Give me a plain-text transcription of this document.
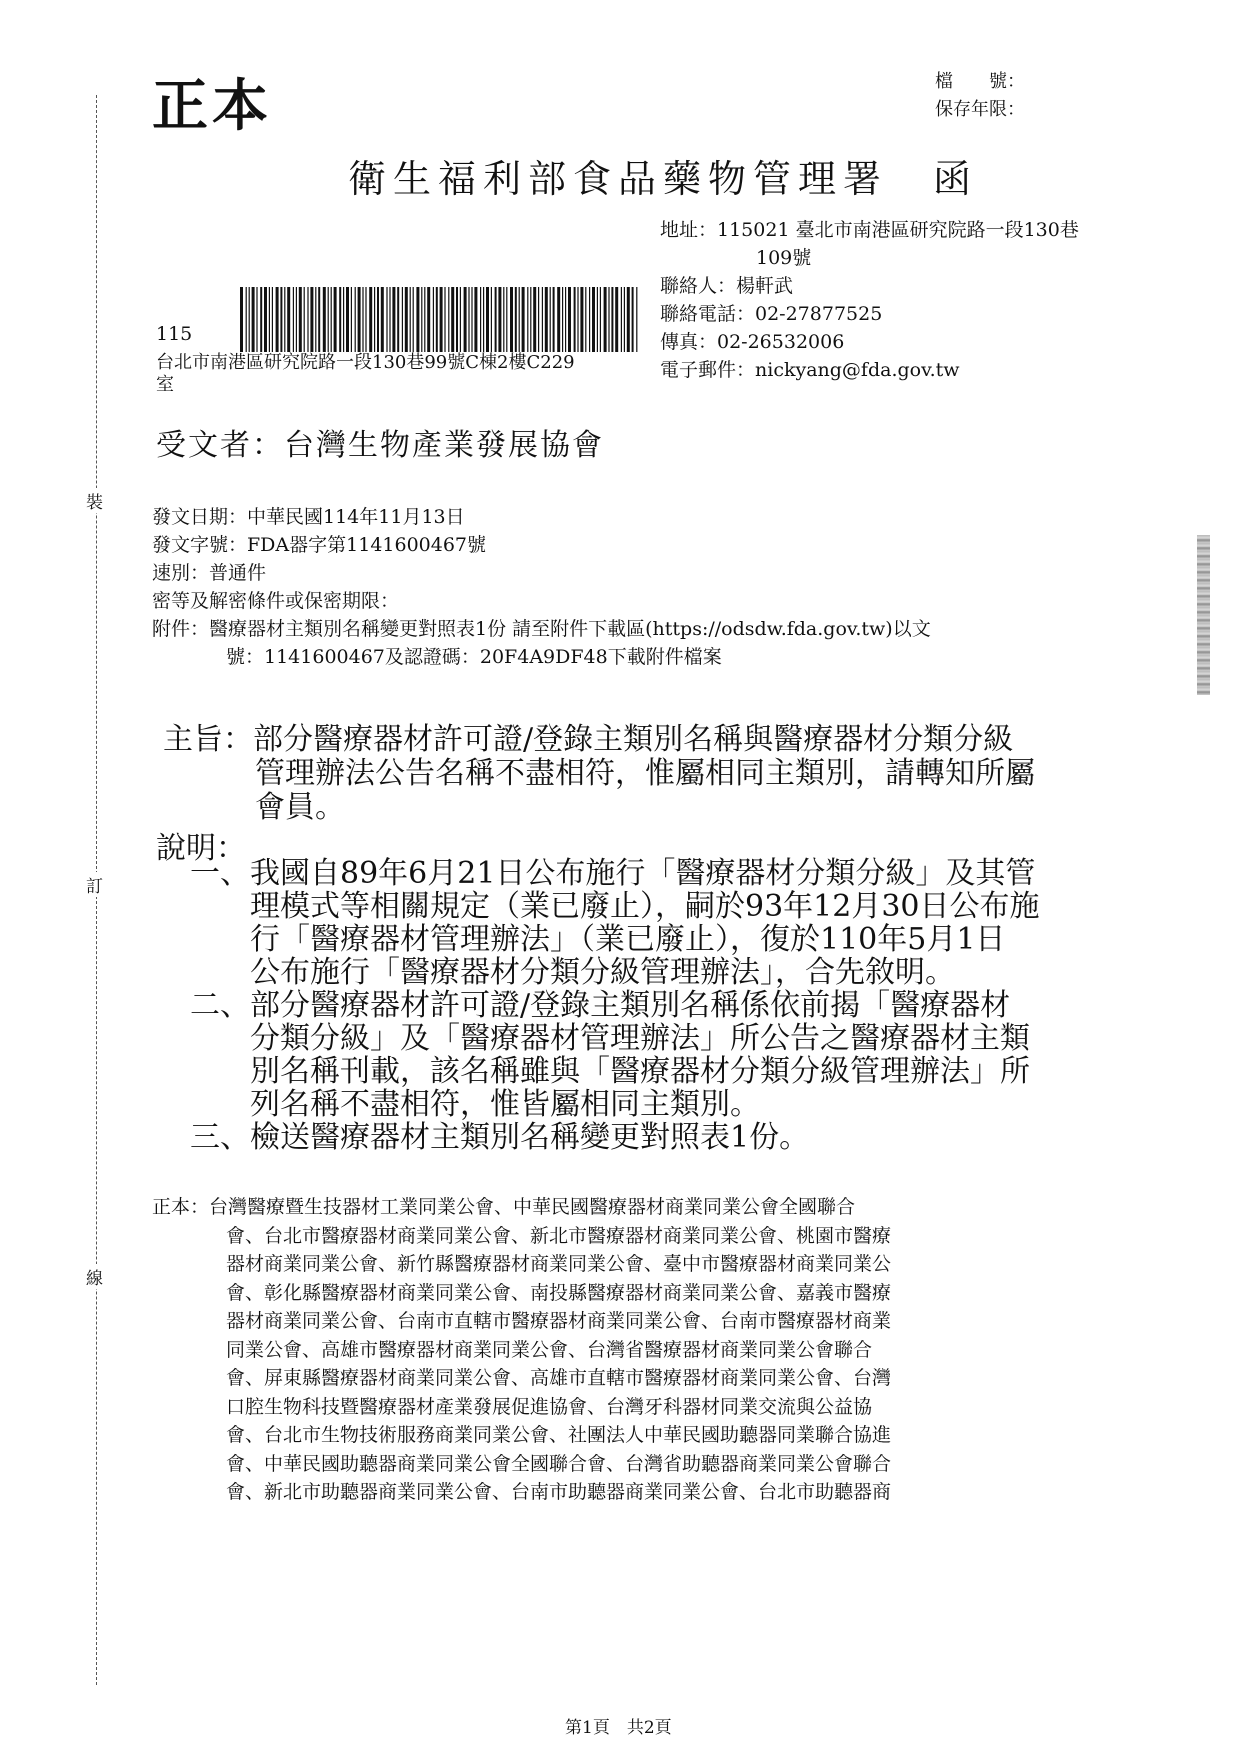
裝
訂
線
正本	檔　　號：
保存年限：
衛生福利部食品藥物管理署　函
地址：115021 臺北市南港區研究院路一段130巷
109號
聯絡人：楊軒武
聯絡電話：02-27877525
傳真：02-26532006
電子郵件：nickyang@fda.gov.tw
115
台北市南港區研究院路一段130巷99號C棟2樓C229
室
受文者：台灣生物產業發展協會
發文日期：中華民國114年11月13日
發文字號：FDA器字第1141600467號
速別：普通件
密等及解密條件或保密期限：
附件：醫療器材主類別名稱變更對照表1份 請至附件下載區(https://odsdw.fda.gov.tw)以文
號：1141600467及認證碼：20F4A9DF48下載附件檔案
主旨：部分醫療器材許可證/登錄主類別名稱與醫療器材分類分級
管理辦法公告名稱不盡相符，惟屬相同主類別，請轉知所屬
會員。
說明：
一、我國自89年6月21日公布施行「醫療器材分類分級」及其管
理模式等相關規定（業已廢止），嗣於93年12月30日公布施
行「醫療器材管理辦法」（業已廢止），復於110年5月1日
公布施行「醫療器材分類分級管理辦法」，合先敘明。
二、部分醫療器材許可證/登錄主類別名稱係依前揭「醫療器材
分類分級」及「醫療器材管理辦法」所公告之醫療器材主類
別名稱刊載，該名稱雖與「醫療器材分類分級管理辦法」所
列名稱不盡相符，惟皆屬相同主類別。
三、檢送醫療器材主類別名稱變更對照表1份。
正本：台灣醫療暨生技器材工業同業公會、中華民國醫療器材商業同業公會全國聯合
會、台北市醫療器材商業同業公會、新北市醫療器材商業同業公會、桃園市醫療
器材商業同業公會、新竹縣醫療器材商業同業公會、臺中市醫療器材商業同業公
會、彰化縣醫療器材商業同業公會、南投縣醫療器材商業同業公會、嘉義市醫療
器材商業同業公會、台南市直轄市醫療器材商業同業公會、台南市醫療器材商業
同業公會、高雄市醫療器材商業同業公會、台灣省醫療器材商業同業公會聯合
會、屏東縣醫療器材商業同業公會、高雄市直轄市醫療器材商業同業公會、台灣
口腔生物科技暨醫療器材產業發展促進協會、台灣牙科器材同業交流與公益協
會、台北市生物技術服務商業同業公會、社團法人中華民國助聽器同業聯合協進
會、中華民國助聽器商業同業公會全國聯合會、台灣省助聽器商業同業公會聯合
會、新北市助聽器商業同業公會、台南市助聽器商業同業公會、台北市助聽器商
第1頁　共2頁
